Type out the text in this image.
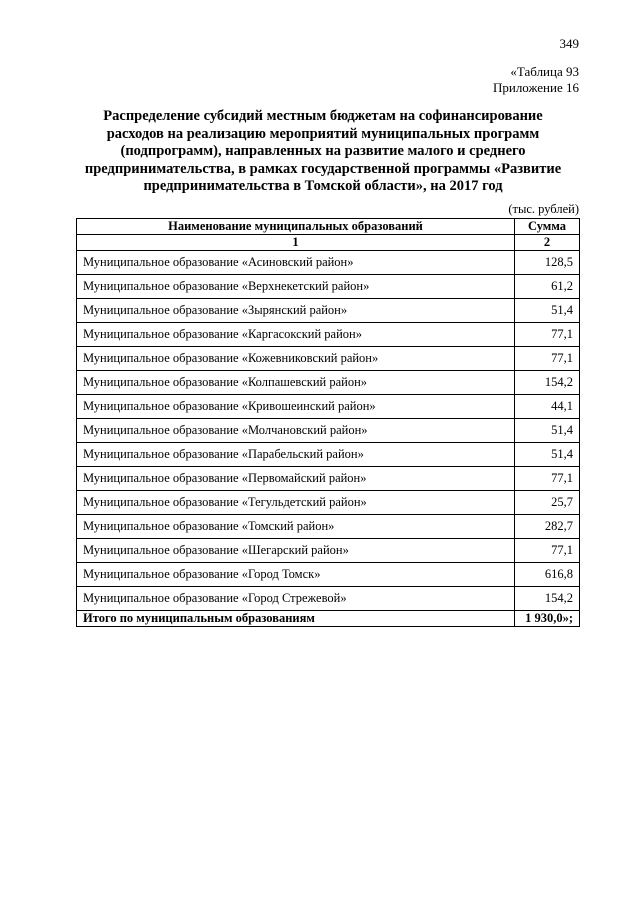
349
«Таблица 93
Приложение 16
Распределение субсидий местным бюджетам на софинансирование расходов на реализацию мероприятий муниципальных программ (подпрограмм), направленных на развитие малого и среднего предпринимательства, в рамках государственной программы «Развитие предпринимательства в Томской области», на 2017 год
(тыс. рублей)
Наименование муниципальных образований	Сумма
1	2
Муниципальное образование «Асиновский район»	128,5
Муниципальное образование «Верхнекетский район»	61,2
Муниципальное образование «Зырянский район»	51,4
Муниципальное образование «Каргасокский район»	77,1
Муниципальное образование «Кожевниковский район»	77,1
Муниципальное образование «Колпашевский район»	154,2
Муниципальное образование «Кривошеинский район»	44,1
Муниципальное образование «Молчановский район»	51,4
Муниципальное образование «Парабельский район»	51,4
Муниципальное образование «Первомайский район»	77,1
Муниципальное образование «Тегульдетский район»	25,7
Муниципальное образование «Томский район»	282,7
Муниципальное образование «Шегарский район»	77,1
Муниципальное образование «Город Томск»	616,8
Муниципальное образование «Город Стрежевой»	154,2
Итого по муниципальным образованиям	1 930,0»;
